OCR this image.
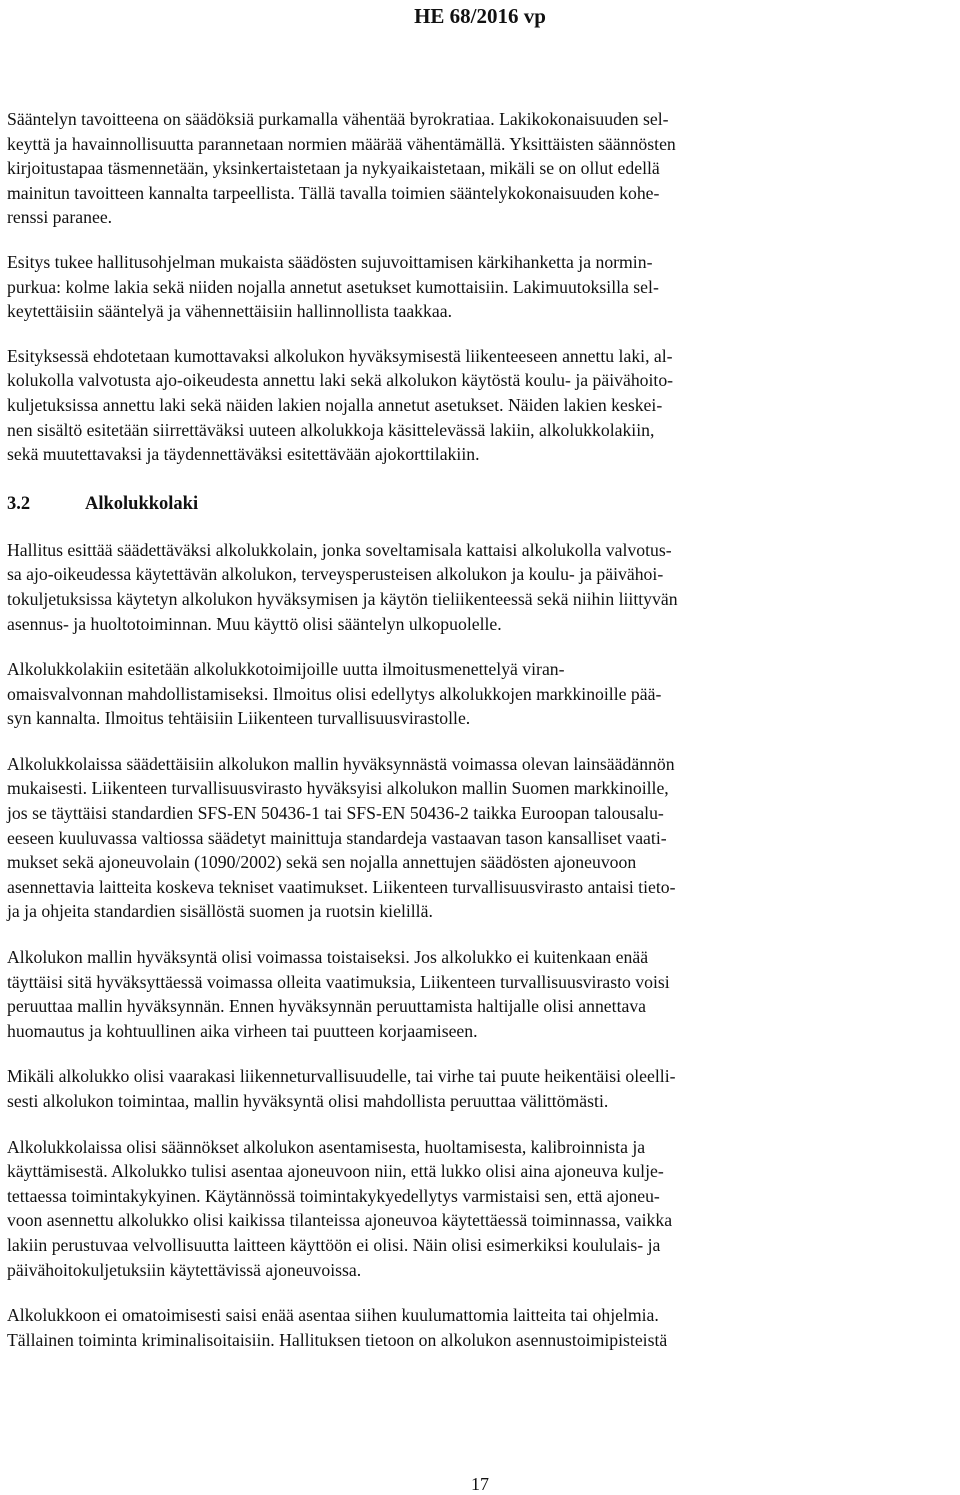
HE 68/2016 vp

Sääntelyn tavoitteena on säädöksiä purkamalla vähentää byrokratiaa. Lakikokonaisuuden sel-
keyttä ja havainnollisuutta parannetaan normien määrää vähentämällä. Yksittäisten säännösten
kirjoitustapaa täsmennetään, yksinkertaistetaan ja nykyaikaistetaan, mikäli se on ollut edellä
mainitun tavoitteen kannalta tarpeellista. Tällä tavalla toimien sääntelykokonaisuuden kohe-
renssi paranee.

Esitys tukee hallitusohjelman mukaista säädösten sujuvoittamisen kärkihanketta ja normin-
purkua: kolme lakia sekä niiden nojalla annetut asetukset kumottaisiin. Lakimuutoksilla sel-
keytettäisiin sääntelyä ja vähennettäisiin hallinnollista taakkaa.

Esityksessä ehdotetaan kumottavaksi alkolukon hyväksymisestä liikenteeseen annettu laki, al-
kolukolla valvotusta ajo-oikeudesta annettu laki sekä alkolukon käytöstä koulu- ja päivähoito-
kuljetuksissa annettu laki sekä näiden lakien nojalla annetut asetukset. Näiden lakien keskei-
nen sisältö esitetään siirrettäväksi uuteen alkolukkoja käsittelevässä lakiin, alkolukkolakiin,
sekä muutettavaksi ja täydennettäväksi esitettävään ajokorttilakiin.

3.2	Alkolukkolaki

Hallitus esittää säädettäväksi alkolukkolain, jonka soveltamisala kattaisi alkolukolla valvotus-
sa ajo-oikeudessa käytettävän alkolukon, terveysperusteisen alkolukon ja koulu- ja päivähoi-
tokuljetuksissa käytetyn alkolukon hyväksymisen ja käytön tieliikenteessä sekä niihin liittyvän
asennus- ja huoltotoiminnan. Muu käyttö olisi sääntelyn ulkopuolelle.

Alkolukkolakiin esitetään alkolukkotoimijoille uutta ilmoitusmenettelyä viran-
omaisvalvonnan mahdollistamiseksi. Ilmoitus olisi edellytys alkolukkojen markkinoille pää-
syn kannalta. Ilmoitus tehtäisiin Liikenteen turvallisuusvirastolle.

Alkolukkolaissa säädettäisiin alkolukon mallin hyväksynnästä voimassa olevan lainsäädännön
mukaisesti. Liikenteen turvallisuusvirasto hyväksyisi alkolukon mallin Suomen markkinoille,
jos se täyttäisi standardien SFS-EN 50436-1 tai SFS-EN 50436-2 taikka Euroopan talousalu-
eeseen kuuluvassa valtiossa säädetyt mainittuja standardeja vastaavan tason kansalliset vaati-
mukset sekä ajoneuvolain (1090/2002) sekä sen nojalla annettujen säädösten ajoneuvoon
asennettavia laitteita koskeva tekniset vaatimukset. Liikenteen turvallisuusvirasto antaisi tieto-
ja ja ohjeita standardien sisällöstä suomen ja ruotsin kielillä.

Alkolukon mallin hyväksyntä olisi voimassa toistaiseksi. Jos alkolukko ei kuitenkaan enää
täyttäisi sitä hyväksyttäessä voimassa olleita vaatimuksia, Liikenteen turvallisuusvirasto voisi
peruuttaa mallin hyväksynnän. Ennen hyväksynnän peruuttamista haltijalle olisi annettava
huomautus ja kohtuullinen aika virheen tai puutteen korjaamiseen.

Mikäli alkolukko olisi vaarakasi liikenneturvallisuudelle, tai virhe tai puute heikentäisi oleelli-
sesti alkolukon toimintaa, mallin hyväksyntä olisi mahdollista peruuttaa välittömästi.

Alkolukkolaissa olisi säännökset alkolukon asentamisesta, huoltamisesta, kalibroinnista ja
käyttämisestä. Alkolukko tulisi asentaa ajoneuvoon niin, että lukko olisi aina ajoneuva kulje-
tettaessa toimintakykyinen. Käytännössä toimintakykyedellytys varmistaisi sen, että ajoneu-
voon asennettu alkolukko olisi kaikissa tilanteissa ajoneuvoa käytettäessä toiminnassa, vaikka
lakiin perustuvaa velvollisuutta laitteen käyttöön ei olisi. Näin olisi esimerkiksi koululais- ja
päivähoitokuljetuksiin käytettävissä ajoneuvoissa.

Alkolukkoon ei omatoimisesti saisi enää asentaa siihen kuulumattomia laitteita tai ohjelmia.
Tällainen toiminta kriminalisoitaisiin. Hallituksen tietoon on alkolukon asennustoimipisteistä

17
